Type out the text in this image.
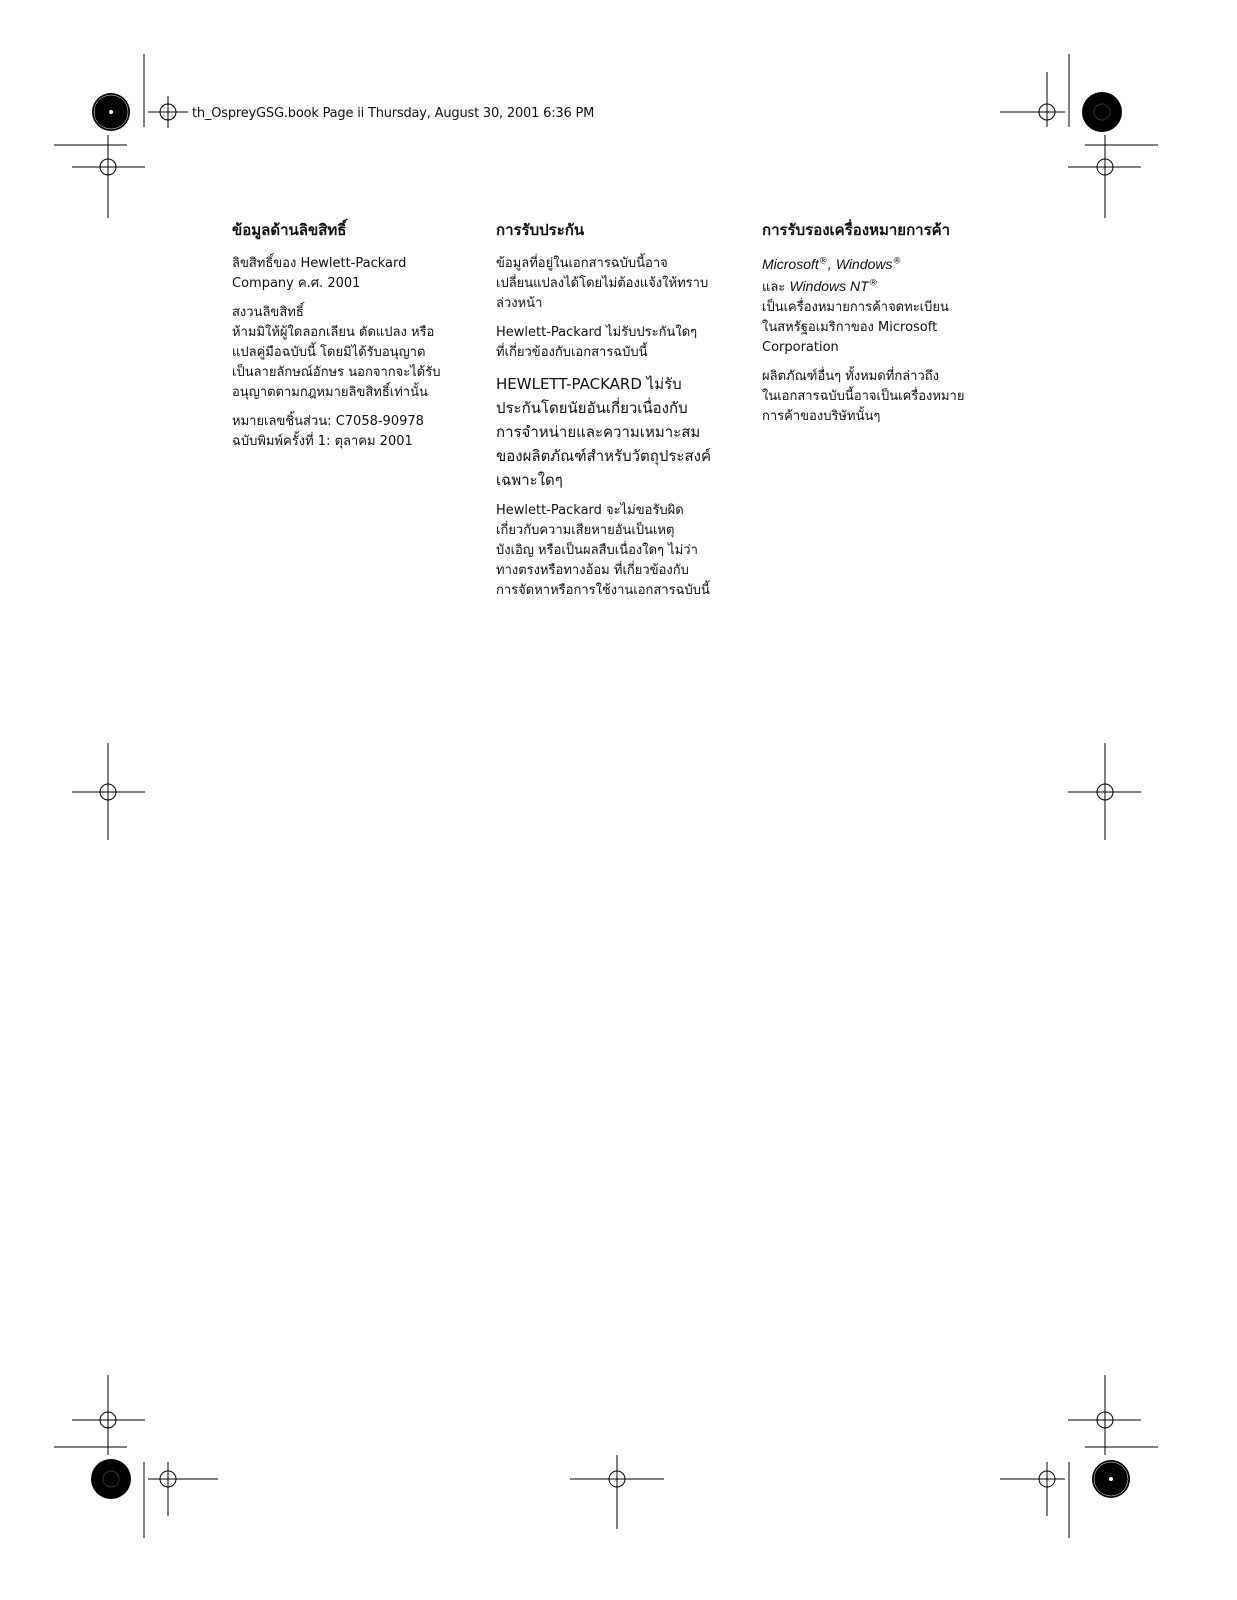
th_OspreyGSG.book Page ii Thursday, August 30, 2001 6:36 PM
ข้อมูลด้านลิขสิทธิ์

ลิขสิทธิ์ของ Hewlett-Packard
Company ค.ศ. 2001

สงวนลิขสิทธิ์
ห้ามมิให้ผู้ใดลอกเลียน ดัดแปลง หรือ
แปลคู่มือฉบับนี้ โดยมิได้รับอนุญาต
เป็นลายลักษณ์อักษร นอกจากจะได้รับ
อนุญาตตามกฎหมายลิขสิทธิ์เท่านั้น

หมายเลขชิ้นส่วน: C7058-90978
ฉบับพิมพ์ครั้งที่ 1: ตุลาคม 2001

การรับประกัน

ข้อมูลที่อยู่ในเอกสารฉบับนี้อาจ
เปลี่ยนแปลงได้โดยไม่ต้องแจ้งให้ทราบ
ล่วงหน้า

Hewlett-Packard ไม่รับประกันใดๆ
ที่เกี่ยวข้องกับเอกสารฉบับนี้

HEWLETT-PACKARD ไม่รับ
ประกันโดยนัยอันเกี่ยวเนื่องกับ
การจำหน่ายและความเหมาะสม
ของผลิตภัณฑ์สำหรับวัตถุประสงค์
เฉพาะใดๆ

Hewlett-Packard จะไม่ขอรับผิด
เกี่ยวกับความเสียหายอันเป็นเหตุ
บังเอิญ หรือเป็นผลสืบเนื่องใดๆ ไม่ว่า
ทางตรงหรือทางอ้อม ที่เกี่ยวข้องกับ
การจัดหาหรือการใช้งานเอกสารฉบับนี้

การรับรองเครื่องหมายการค้า

Microsoft®, Windows®
และ Windows NT®
เป็นเครื่องหมายการค้าจดทะเบียน
ในสหรัฐอเมริกาของ Microsoft
Corporation

ผลิตภัณฑ์อื่นๆ ทั้งหมดที่กล่าวถึง
ในเอกสารฉบับนี้อาจเป็นเครื่องหมาย
การค้าของบริษัทนั้นๆ
